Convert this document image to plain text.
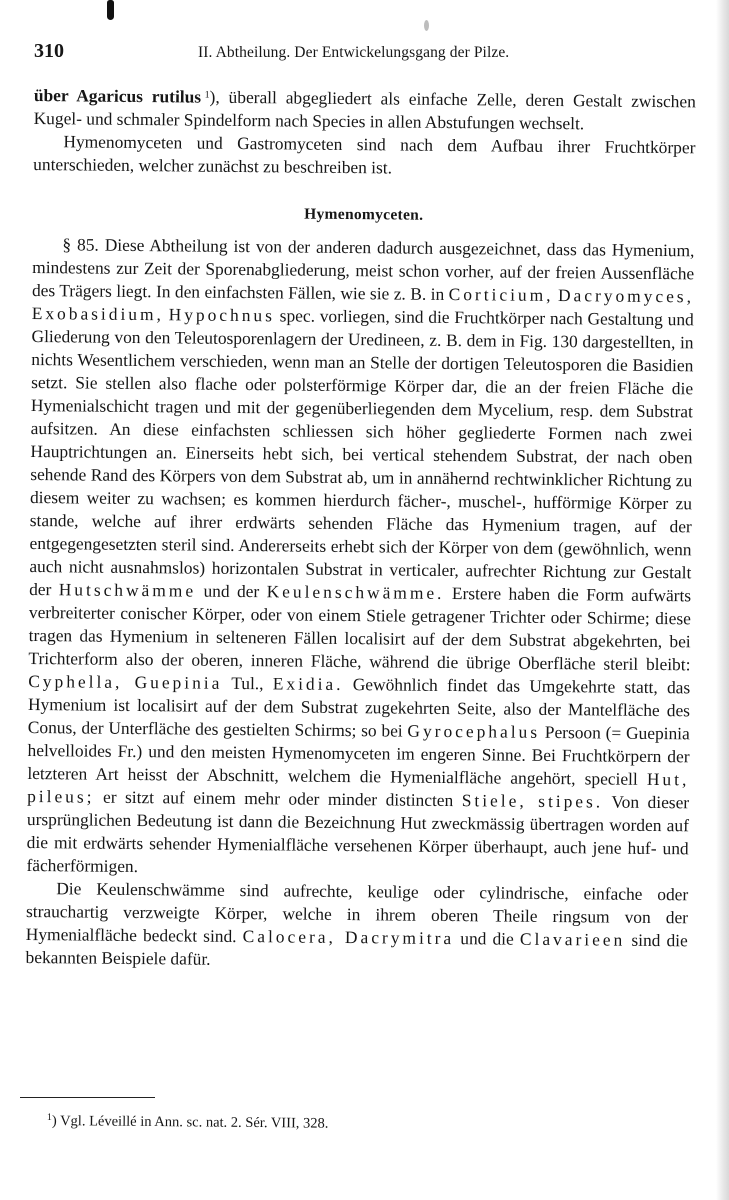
310	II. Abtheilung. Der Entwickelungsgang der Pilze.

über Agaricus rutilus  $^1$), überall abgegliedert als einfache Zelle, deren Gestalt zwischen Kugel- und schmaler Spindelform nach Species in allen Abstufungen wechselt.

Hymenomyceten und Gastromyceten sind nach dem Aufbau ihrer Fruchtkörper unterschieden, welcher zunächst zu beschreiben ist.

Hymenomyceten.

§ 85. Diese Abtheilung ist von der anderen dadurch ausgezeichnet, dass das Hymenium, mindestens zur Zeit der Sporenabgliederung, meist schon vorher, auf der freien Aussenfläche des Trägers liegt. In den einfachsten Fällen, wie sie z. B. in Corticium, Dacryomyces, Exobasidium, Hypochnus spec. vorliegen, sind die Fruchtkörper nach Gestaltung und Gliederung von den Teleutosporenlagern der Uredineen, z. B. dem in Fig. 130 dargestellten, in nichts Wesentlichem verschieden, wenn man an Stelle der dortigen Teleutosporen die Basidien setzt. Sie stellen also flache oder polsterförmige Körper dar, die an der freien Fläche die Hymenialschicht tragen und mit der gegenüberliegenden dem Mycelium, resp. dem Substrat aufsitzen. An diese einfachsten schliessen sich höher gegliederte Formen nach zwei Hauptrichtungen an. Einerseits hebt sich, bei vertical stehendem Substrat, der nach oben sehende Rand des Körpers von dem Substrat ab, um in annähernd rechtwinklicher Richtung zu diesem weiter zu wachsen; es kommen hierdurch fächer-, muschel-, hufförmige Körper zu stande, welche auf ihrer erdwärts sehenden Fläche das Hymenium tragen, auf der entgegengesetzten steril sind. Andererseits erhebt sich der Körper von dem (gewöhnlich, wenn auch nicht ausnahmslos) horizontalen Substrat in verticaler, aufrechter Richtung zur Gestalt der Hutschwämme und der Keulenschwämme. Erstere haben die Form aufwärts verbreiterter conischer Körper, oder von einem Stiele getragener Trichter oder Schirme; diese tragen das Hymenium in selteneren Fällen localisirt auf der dem Substrat abgekehrten, bei Trichterform also der oberen, inneren Fläche, während die übrige Oberfläche steril bleibt: Cyphella, Guepinia Tul., Exidia. Gewöhnlich findet das Umgekehrte statt, das Hymenium ist localisirt auf der dem Substrat zugekehrten Seite, also der Mantelfläche des Conus, der Unterfläche des gestielten Schirms; so bei Gyrocephalus Persoon (= Guepinia helvelloides Fr.) und den meisten Hymenomyceten im engeren Sinne. Bei Fruchtkörpern der letzteren Art heisst der Abschnitt, welchem die Hymenialfläche angehört, speciell Hut, pileus; er sitzt auf einem mehr oder minder distincten Stiele, stipes. Von dieser ursprünglichen Bedeutung ist dann die Bezeichnung Hut zweckmässig übertragen worden auf die mit erdwärts sehender Hymenialfläche versehenen Körper überhaupt, auch jene huf- und fächerförmigen.

Die Keulenschwämme sind aufrechte, keulige oder cylindrische, einfache oder strauchartig verzweigte Körper, welche in ihrem oberen Theile ringsum von der Hymenialfläche bedeckt sind. Calocera, Dacrymitra und die Clavarieen sind die bekannten Beispiele dafür.

$^1$) Vgl. Léveillé in Ann. sc. nat. 2. Sér. VIII, 328.
